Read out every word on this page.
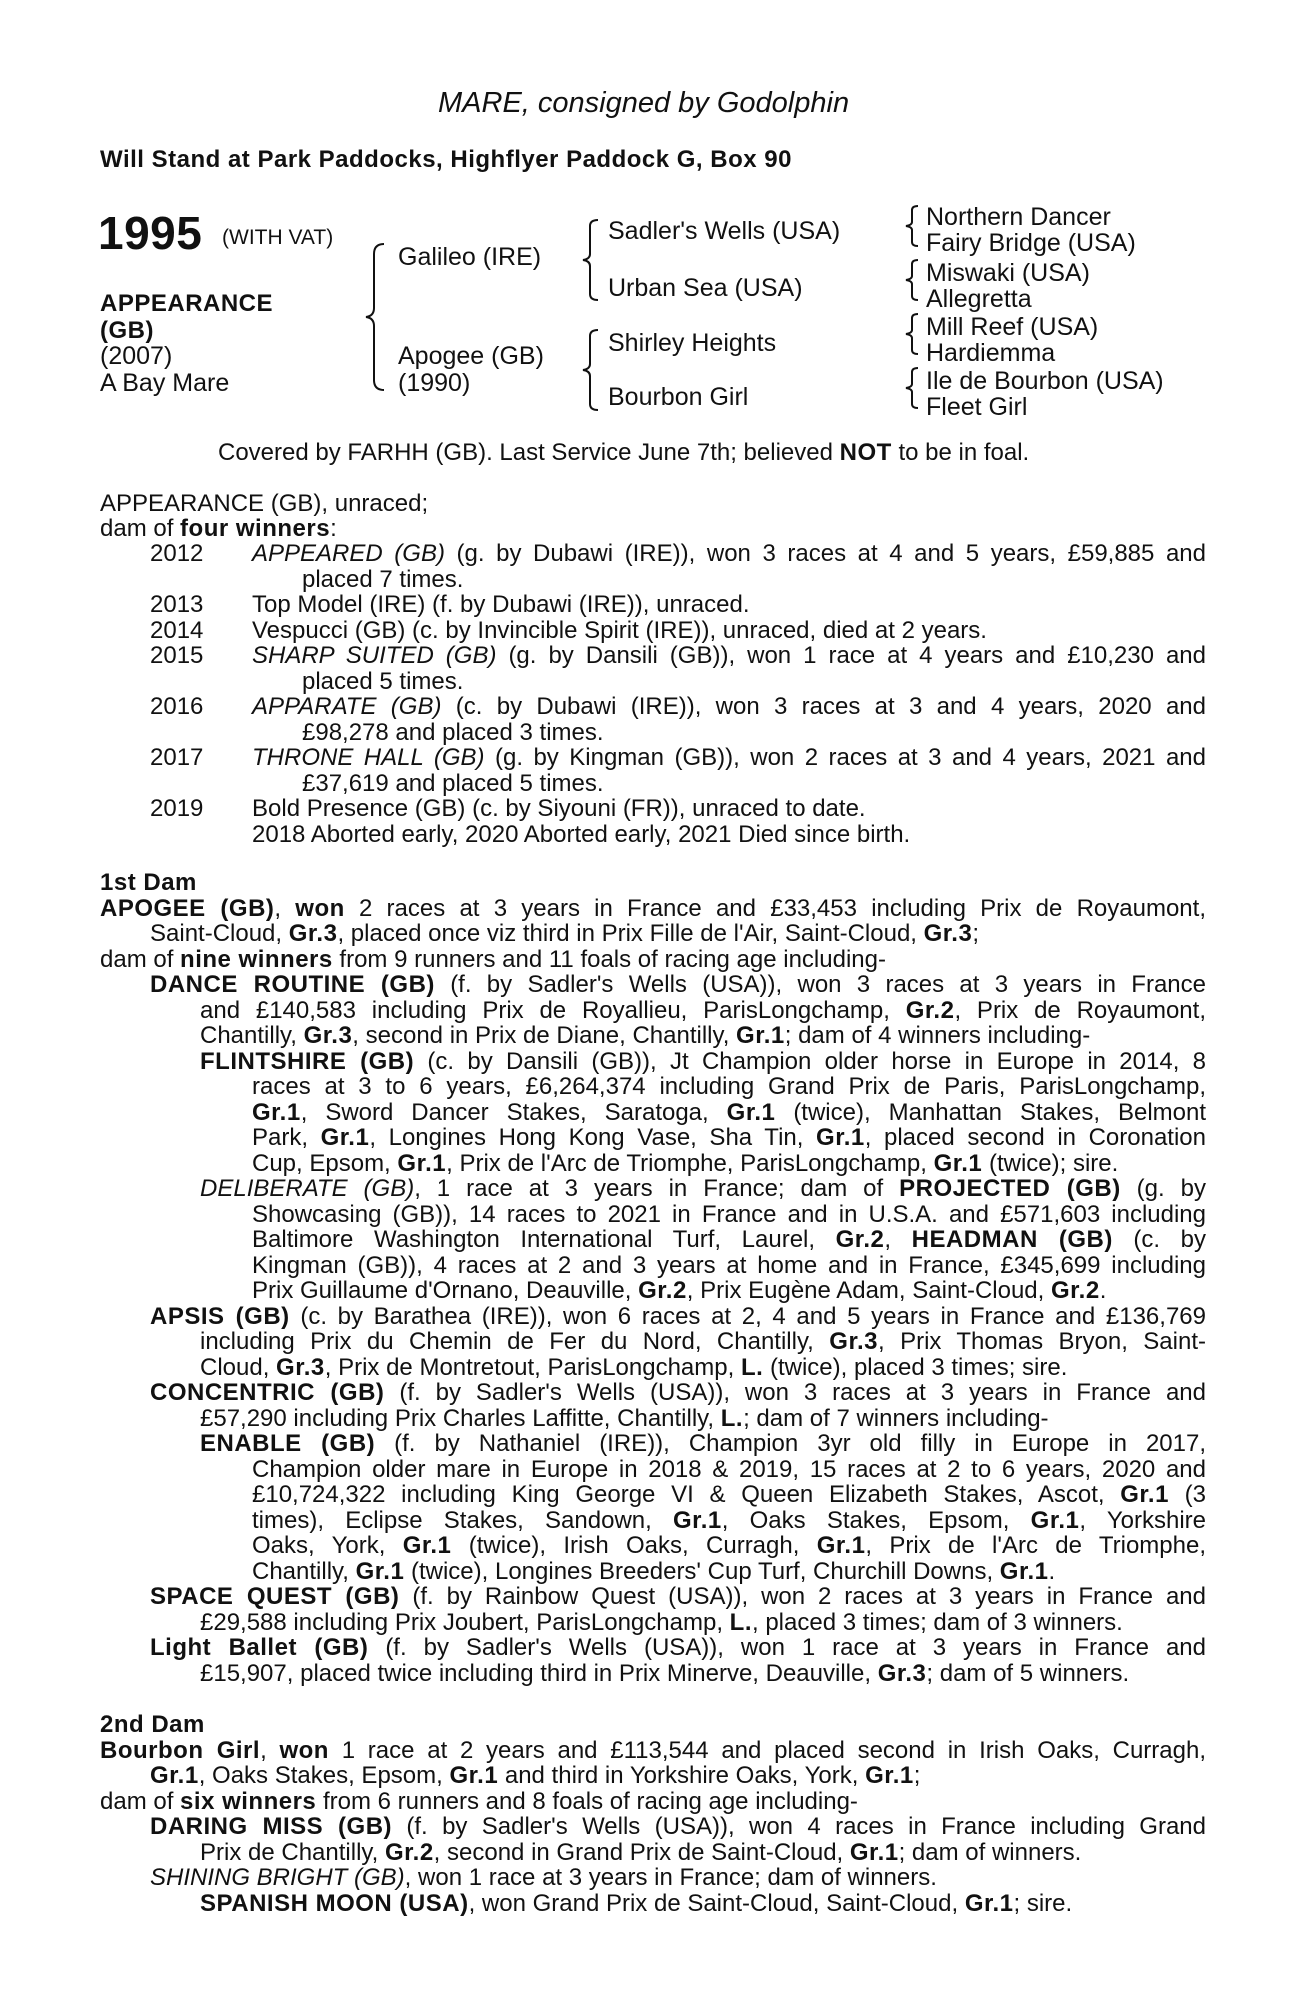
MARE, consigned by Godolphin
Will Stand at Park Paddocks, Highflyer Paddock G, Box 90
1995 (WITH VAT)
APPEARANCE
(GB)
(2007)
A Bay Mare
Galileo (IRE)
Apogee (GB)
(1990)
Sadler's Wells (USA)
Urban Sea (USA)
Shirley Heights
Bourbon Girl
Northern Dancer
Fairy Bridge (USA)
Miswaki (USA)
Allegretta
Mill Reef (USA)
Hardiemma
Ile de Bourbon (USA)
Fleet Girl
Covered by FARHH (GB). Last Service June 7th; believed NOT to be in foal.
APPEARANCE (GB), unraced;
dam of four winners:
2012 APPEARED (GB) (g. by Dubawi (IRE)), won 3 races at 4 and 5 years, £59,885 and
placed 7 times.
2013 Top Model (IRE) (f. by Dubawi (IRE)), unraced.
2014 Vespucci (GB) (c. by Invincible Spirit (IRE)), unraced, died at 2 years.
2015 SHARP SUITED (GB) (g. by Dansili (GB)), won 1 race at 4 years and £10,230 and
placed 5 times.
2016 APPARATE (GB) (c. by Dubawi (IRE)), won 3 races at 3 and 4 years, 2020 and
£98,278 and placed 3 times.
2017 THRONE HALL (GB) (g. by Kingman (GB)), won 2 races at 3 and 4 years, 2021 and
£37,619 and placed 5 times.
2019 Bold Presence (GB) (c. by Siyouni (FR)), unraced to date.
2018 Aborted early, 2020 Aborted early, 2021 Died since birth.
1st Dam
APOGEE (GB), won 2 races at 3 years in France and £33,453 including Prix de Royaumont,
Saint-Cloud, Gr.3, placed once viz third in Prix Fille de l'Air, Saint-Cloud, Gr.3;
dam of nine winners from 9 runners and 11 foals of racing age including-
DANCE ROUTINE (GB) (f. by Sadler's Wells (USA)), won 3 races at 3 years in France
and £140,583 including Prix de Royallieu, ParisLongchamp, Gr.2, Prix de Royaumont,
Chantilly, Gr.3, second in Prix de Diane, Chantilly, Gr.1; dam of 4 winners including-
FLINTSHIRE (GB) (c. by Dansili (GB)), Jt Champion older horse in Europe in 2014, 8
races at 3 to 6 years, £6,264,374 including Grand Prix de Paris, ParisLongchamp,
Gr.1, Sword Dancer Stakes, Saratoga, Gr.1 (twice), Manhattan Stakes, Belmont
Park, Gr.1, Longines Hong Kong Vase, Sha Tin, Gr.1, placed second in Coronation
Cup, Epsom, Gr.1, Prix de l'Arc de Triomphe, ParisLongchamp, Gr.1 (twice); sire.
DELIBERATE (GB), 1 race at 3 years in France; dam of PROJECTED (GB) (g. by
Showcasing (GB)), 14 races to 2021 in France and in U.S.A. and £571,603 including
Baltimore Washington International Turf, Laurel, Gr.2, HEADMAN (GB) (c. by
Kingman (GB)), 4 races at 2 and 3 years at home and in France, £345,699 including
Prix Guillaume d'Ornano, Deauville, Gr.2, Prix Eugène Adam, Saint-Cloud, Gr.2.
APSIS (GB) (c. by Barathea (IRE)), won 6 races at 2, 4 and 5 years in France and £136,769
including Prix du Chemin de Fer du Nord, Chantilly, Gr.3, Prix Thomas Bryon, Saint-
Cloud, Gr.3, Prix de Montretout, ParisLongchamp, L. (twice), placed 3 times; sire.
CONCENTRIC (GB) (f. by Sadler's Wells (USA)), won 3 races at 3 years in France and
£57,290 including Prix Charles Laffitte, Chantilly, L.; dam of 7 winners including-
ENABLE (GB) (f. by Nathaniel (IRE)), Champion 3yr old filly in Europe in 2017,
Champion older mare in Europe in 2018 & 2019, 15 races at 2 to 6 years, 2020 and
£10,724,322 including King George VI & Queen Elizabeth Stakes, Ascot, Gr.1 (3
times), Eclipse Stakes, Sandown, Gr.1, Oaks Stakes, Epsom, Gr.1, Yorkshire
Oaks, York, Gr.1 (twice), Irish Oaks, Curragh, Gr.1, Prix de l'Arc de Triomphe,
Chantilly, Gr.1 (twice), Longines Breeders' Cup Turf, Churchill Downs, Gr.1.
SPACE QUEST (GB) (f. by Rainbow Quest (USA)), won 2 races at 3 years in France and
£29,588 including Prix Joubert, ParisLongchamp, L., placed 3 times; dam of 3 winners.
Light Ballet (GB) (f. by Sadler's Wells (USA)), won 1 race at 3 years in France and
£15,907, placed twice including third in Prix Minerve, Deauville, Gr.3; dam of 5 winners.
2nd Dam
Bourbon Girl, won 1 race at 2 years and £113,544 and placed second in Irish Oaks, Curragh,
Gr.1, Oaks Stakes, Epsom, Gr.1 and third in Yorkshire Oaks, York, Gr.1;
dam of six winners from 6 runners and 8 foals of racing age including-
DARING MISS (GB) (f. by Sadler's Wells (USA)), won 4 races in France including Grand
Prix de Chantilly, Gr.2, second in Grand Prix de Saint-Cloud, Gr.1; dam of winners.
SHINING BRIGHT (GB), won 1 race at 3 years in France; dam of winners.
SPANISH MOON (USA), won Grand Prix de Saint-Cloud, Saint-Cloud, Gr.1; sire.
